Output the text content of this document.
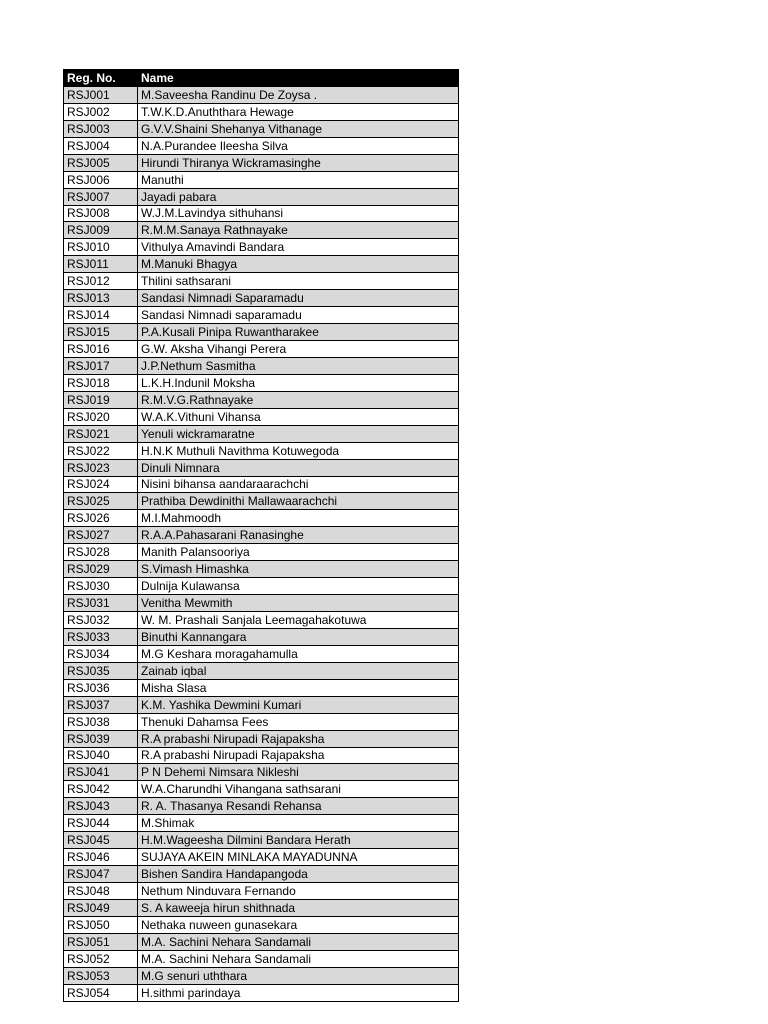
Reg. No.	Name
RSJ001	M.Saveesha Randinu De Zoysa .
RSJ002	T.W.K.D.Anuththara Hewage
RSJ003	G.V.V.Shaini Shehanya Vithanage
RSJ004	N.A.Purandee Ileesha Silva
RSJ005	Hirundi Thiranya Wickramasinghe
RSJ006	Manuthi
RSJ007	Jayadi pabara
RSJ008	W.J.M.Lavindya sithuhansi
RSJ009	R.M.M.Sanaya Rathnayake
RSJ010	Vithulya Amavindi Bandara
RSJ011	M.Manuki Bhagya
RSJ012	Thilini sathsarani
RSJ013	Sandasi Nimnadi Saparamadu
RSJ014	Sandasi Nimnadi saparamadu
RSJ015	P.A.Kusali Pinipa Ruwantharakee
RSJ016	G.W. Aksha Vihangi Perera
RSJ017	J.P.Nethum Sasmitha
RSJ018	L.K.H.Indunil Moksha
RSJ019	R.M.V.G.Rathnayake
RSJ020	W.A.K.Vithuni Vihansa
RSJ021	Yenuli wickramaratne
RSJ022	H.N.K Muthuli Navithma Kotuwegoda
RSJ023	Dinuli Nimnara
RSJ024	Nisini bihansa aandaraarachchi
RSJ025	Prathiba Dewdinithi Mallawaarachchi
RSJ026	M.I.Mahmoodh
RSJ027	R.A.A.Pahasarani Ranasinghe
RSJ028	Manith Palansooriya
RSJ029	S.Vimash Himashka
RSJ030	Dulnija Kulawansa
RSJ031	Venitha Mewmith
RSJ032	W. M. Prashali Sanjala Leemagahakotuwa
RSJ033	Binuthi Kannangara
RSJ034	M.G Keshara moragahamulla
RSJ035	Zainab iqbal
RSJ036	Misha Slasa
RSJ037	K.M. Yashika Dewmini Kumari
RSJ038	Thenuki Dahamsa Fees
RSJ039	R.A prabashi Nirupadi Rajapaksha
RSJ040	R.A prabashi Nirupadi Rajapaksha
RSJ041	P N Dehemi Nimsara Nikleshi
RSJ042	W.A.Charundhi Vihangana sathsarani
RSJ043	R. A. Thasanya Resandi Rehansa
RSJ044	M.Shimak
RSJ045	H.M.Wageesha Dilmini Bandara Herath
RSJ046	SUJAYA AKEIN MINLAKA MAYADUNNA
RSJ047	Bishen Sandira Handapangoda
RSJ048	Nethum Ninduvara Fernando
RSJ049	S. A kaweeja hirun shithnada
RSJ050	Nethaka nuween gunasekara
RSJ051	M.A. Sachini Nehara Sandamali
RSJ052	M.A. Sachini Nehara Sandamali
RSJ053	M.G senuri uththara
RSJ054	H.sithmi parindaya
